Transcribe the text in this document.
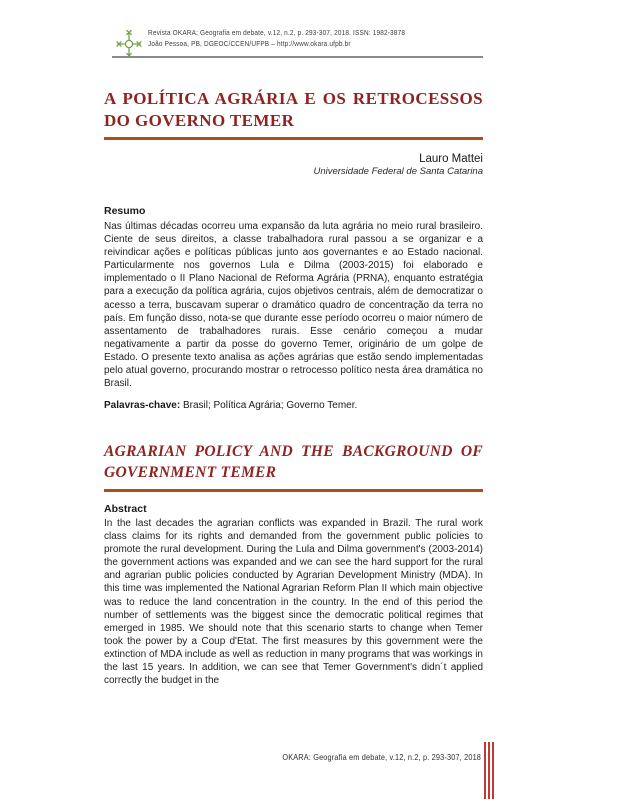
Revista OKARA: Geografia em debate, v.12, n.2, p. 293-307, 2018. ISSN: 1982-3878
João Pessoa, PB, DGEOC/CCEN/UFPB – http://www.okara.ufpb.br
A POLÍTICA AGRÁRIA E OS RETROCESSOS
DO GOVERNO TEMER
Lauro Mattei
Universidade Federal de Santa Catarina
Resumo
Nas últimas décadas ocorreu uma expansão da luta agrária no meio rural brasileiro. Ciente de seus direitos, a classe trabalhadora rural passou a se organizar e a reivindicar ações e políticas públicas junto aos governantes e ao Estado nacional. Particularmente nos governos Lula e Dilma (2003-2015) foi elaborado e implementado o II Plano Nacional de Reforma Agrária (PRNA), enquanto estratégia para a execução da política agrária, cujos objetivos centrais, além de democratizar o acesso a terra, buscavam superar o dramático quadro de concentração da terra no país. Em função disso, nota-se que durante esse período ocorreu o maior número de assentamento de trabalhadores rurais. Esse cenário começou a mudar negativamente a partir da posse do governo Temer, originário de um golpe de Estado. O presente texto analisa as ações agrárias que estão sendo implementadas pelo atual governo, procurando mostrar o retrocesso político nesta área dramática no Brasil.
Palavras-chave: Brasil; Política Agrária; Governo Temer.
AGRARIAN POLICY AND THE BACKGROUND OF
GOVERNMENT TEMER
Abstract
In the last decades the agrarian conflicts was expanded in Brazil. The rural work class claims for its rights and demanded from the government public policies to promote the rural development. During the Lula and Dilma government's (2003-2014) the government actions was expanded and we can see the hard support for the rural and agrarian public policies conducted by Agrarian Development Ministry (MDA). In this time was implemented the National Agrarian Reform Plan II which main objective was to reduce the land concentration in the country. In the end of this period the number of settlements was the biggest since the democratic political regimes that emerged in 1985. We should note that this scenario starts to change when Temer took the power by a Coup d'Etat. The first measures by this government were the extinction of MDA include as well as reduction in many programs that was workings in the last 15 years. In addition, we can see that Temer Government's didn´t applied correctly the budget in the
OKARA: Geografia em debate, v.12, n.2, p. 293-307, 2018
